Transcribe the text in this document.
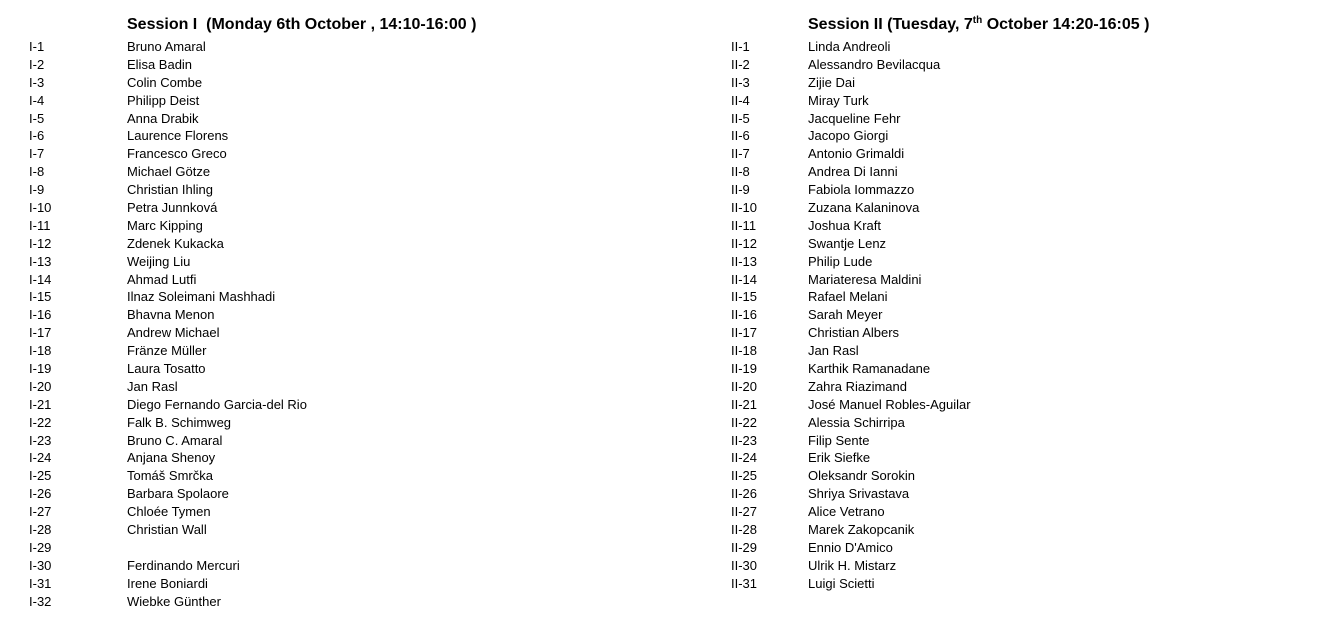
Session I  (Monday 6th October , 14:10-16:00 )
I-1	Bruno Amaral
I-2	Elisa Badin
I-3	Colin Combe
I-4	Philipp Deist
I-5	Anna Drabik
I-6	Laurence Florens
I-7	Francesco Greco
I-8	Michael Götze
I-9	Christian Ihling
I-10	Petra Junnková
I-11	Marc Kipping
I-12	Zdenek Kukacka
I-13	Weijing Liu
I-14	Ahmad Lutfi
I-15	Ilnaz Soleimani Mashhadi
I-16	Bhavna Menon
I-17	Andrew Michael
I-18	Fränze Müller
I-19	Laura Tosatto
I-20	Jan Rasl
I-21	Diego Fernando Garcia-del Rio
I-22	Falk B. Schimweg
I-23	Bruno C. Amaral
I-24	Anjana Shenoy
I-25	Tomáš Smrčka
I-26	Barbara Spolaore
I-27	Chloée Tymen
I-28	Christian Wall
I-29
I-30	Ferdinando Mercuri
I-31	Irene Boniardi
I-32	Wiebke Günther
Session II (Tuesday, 7th October 14:20-16:05 )
II-1	Linda Andreoli
II-2	Alessandro Bevilacqua
II-3	Zijie Dai
II-4	Miray Turk
II-5	Jacqueline Fehr
II-6	Jacopo Giorgi
II-7	Antonio Grimaldi
II-8	Andrea Di Ianni
II-9	Fabiola Iommazzo
II-10	Zuzana Kalaninova
II-11	Joshua Kraft
II-12	Swantje Lenz
II-13	Philip Lude
II-14	Mariateresa Maldini
II-15	Rafael Melani
II-16	Sarah Meyer
II-17	Christian Albers
II-18	Jan Rasl
II-19	Karthik Ramanadane
II-20	Zahra Riazimand
II-21	José Manuel Robles-Aguilar
II-22	Alessia Schirripa
II-23	Filip Sente
II-24	Erik Siefke
II-25	Oleksandr Sorokin
II-26	Shriya Srivastava
II-27	Alice Vetrano
II-28	Marek Zakopcanik
II-29	Ennio D'Amico
II-30	Ulrik H. Mistarz
II-31	Luigi Scietti
